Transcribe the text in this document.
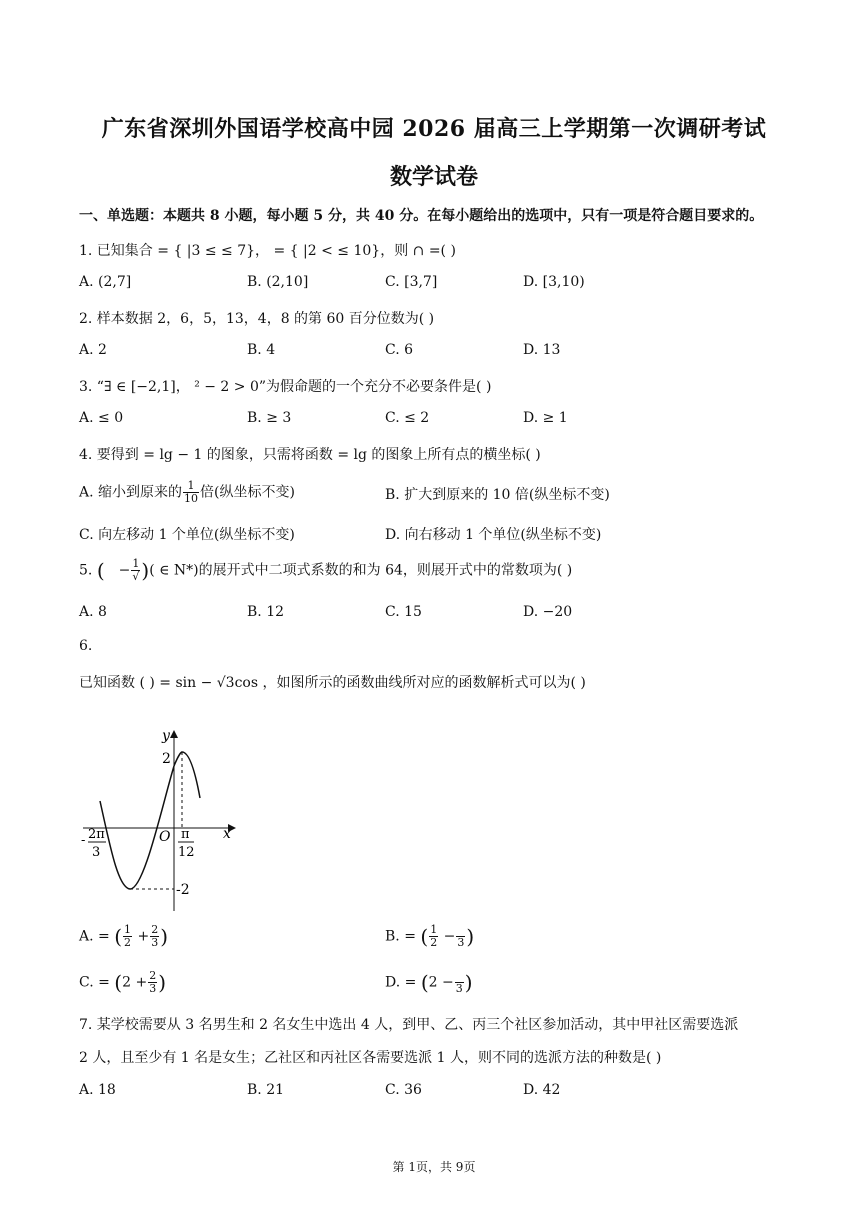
广东省深圳外国语学校高中园 2026 届高三上学期第一次调研考试
数学试卷
一、单选题：本题共 8 小题，每小题 5 分，共 40 分。在每小题给出的选项中，只有一项是符合题目要求的。
1. 已知集合 = { |3 ≤ ≤ 7}， = { |2 < ≤ 10}，则 ∩ =( )
A. (2,7]	B. (2,10]	C. [3,7]	D. [3,10)
2. 样本数据 2，6，5，13，4，8 的第 60 百分位数为( )
A. 2	B. 4	C. 6	D. 13
3. “∃ ∈ [−2,1]， ² − 2 > 0”为假命题的一个充分不必要条件是( )
A. ≤ 0	B. ≥ 3	C. ≤ 2	D. ≥ 1
4. 要得到 = lg − 1 的图象，只需将函数 = lg 的图象上所有点的横坐标( )
A. 缩小到原来的 $\frac{1}{10}$ 倍(纵坐标不变)	B. 扩大到原来的 10 倍(纵坐标不变)
C. 向左移动 1 个单位(纵坐标不变)	D. 向右移动 1 个单位(纵坐标不变)
5. ( − $\frac{1}{√}$ )( ∈ N*)的展开式中二项式系数的和为 64，则展开式中的常数项为( )
A. 8	B. 12	C. 15	D. −20
6.
已知函数 ( ) = sin − √3cos ，如图所示的函数曲线所对应的函数解析式可以为( )
y
x
O
2
-2
- 2π
3
π
12
A. = ( $\frac{1}{2} + \frac{2}{3}$ )	B. = ( $\frac{1}{2}$ −
3 )
C. = ($2 + \frac{2}{3}$ )	D. = (2 −
3 )
7. 某学校需要从 3 名男生和 2 名女生中选出 4 人，到甲、乙、丙三个社区参加活动，其中甲社区需要选派
2 人，且至少有 1 名是女生；乙社区和丙社区各需要选派 1 人，则不同的选派方法的种数是( )
A. 18	B. 21	C. 36	D. 42
第 1页，共 9页
